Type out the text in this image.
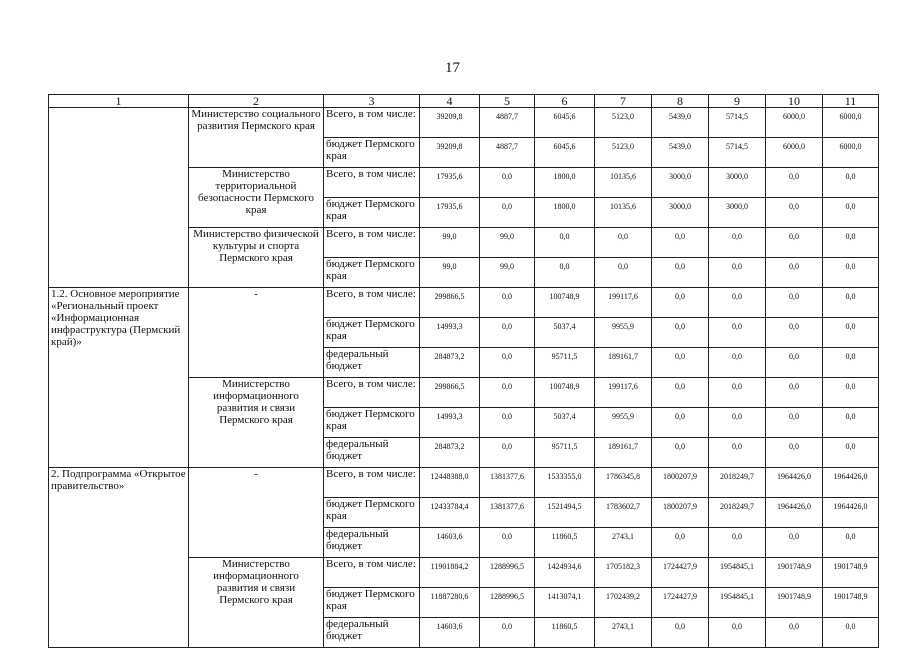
17
1	2	3	4	5	6	7	8	9	10	11
	Министерство социального развития Пермского края	Всего, в том числе:	39209,8	4887,7	6045,6	5123,0	5439,0	5714,5	6000,0	6000,0
		бюджет Пермского края	39209,8	4887,7	6045,6	5123,0	5439,0	5714,5	6000,0	6000,0
	Министерство территориальной безопасности Пермского края	Всего, в том числе:	17935,6	0,0	1800,0	10135,6	3000,0	3000,0	0,0	0,0
		бюджет Пермского края	17935,6	0,0	1800,0	10135,6	3000,0	3000,0	0,0	0,0
	Министерство физической культуры и спорта Пермского края	Всего, в том числе:	99,0	99,0	0,0	0,0	0,0	0,0	0,0	0,0
		бюджет Пермского края	99,0	99,0	0,0	0,0	0,0	0,0	0,0	0,0
1.2. Основное мероприятие «Региональный проект «Информационная инфраструктура (Пермский край)»	-	Всего, в том числе:	299866,5	0,0	100748,9	199117,6	0,0	0,0	0,0	0,0
		бюджет Пермского края	14993,3	0,0	5037,4	9955,9	0,0	0,0	0,0	0,0
		федеральный бюджет	284873,2	0,0	95711,5	189161,7	0,0	0,0	0,0	0,0
	Министерство информационного развития и связи Пермского края	Всего, в том числе:	299866,5	0,0	100748,9	199117,6	0,0	0,0	0,0	0,0
		бюджет Пермского края	14993,3	0,0	5037,4	9955,9	0,0	0,0	0,0	0,0
		федеральный бюджет	284873,2	0,0	95711,5	189161,7	0,0	0,0	0,0	0,0
2. Подпрограмма «Открытое правительство»	-	Всего, в том числе:	12448388,0	1381377,6	1533355,0	1786345,8	1800207,9	2018249,7	1964426,0	1964426,0
		бюджет Пермского края	12433784,4	1381377,6	1521494,5	1783602,7	1800207,9	2018249,7	1964426,0	1964426,0
		федеральный бюджет	14603,6	0,0	11860,5	2743,1	0,0	0,0	0,0	0,0
	Министерство информационного развития и связи Пермского края	Всего, в том числе:	11901884,2	1288996,5	1424934,6	1705182,3	1724427,9	1954845,1	1901748,9	1901748,9
		бюджет Пермского края	11887280,6	1288996,5	1413074,1	1702439,2	1724427,9	1954845,1	1901748,9	1901748,9
		федеральный бюджет	14603,6	0,0	11860,5	2743,1	0,0	0,0	0,0	0,0
